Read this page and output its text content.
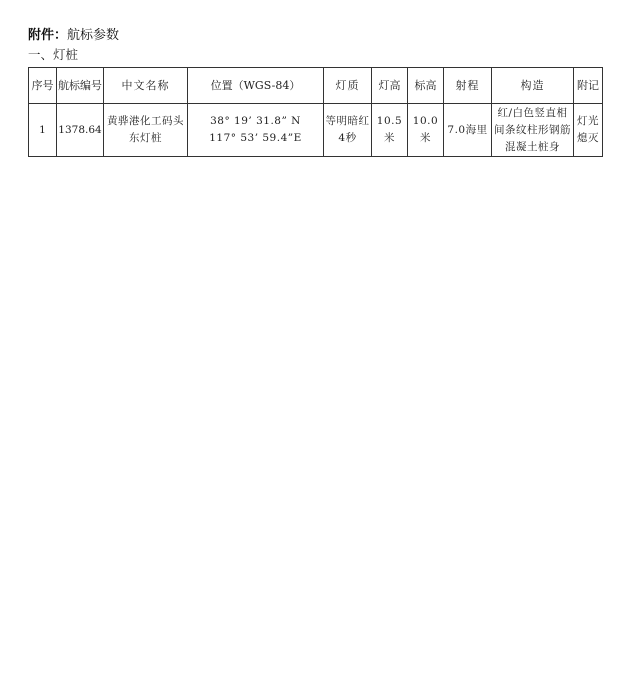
附件：航标参数
一、灯桩
序号	航标编号	中文名称	位置（WGS-84）	灯质	灯高	标高	射程	构造	附记
1	1378.64	黄骅港化工码头东灯桩	38° 19’ 31.8” N
117° 53’ 59.4”E	等明暗红4秒	10.5米	10.0米	7.0海里	红/白色竖直相间条纹柱形钢筋混凝土桩身	灯光熄灭
